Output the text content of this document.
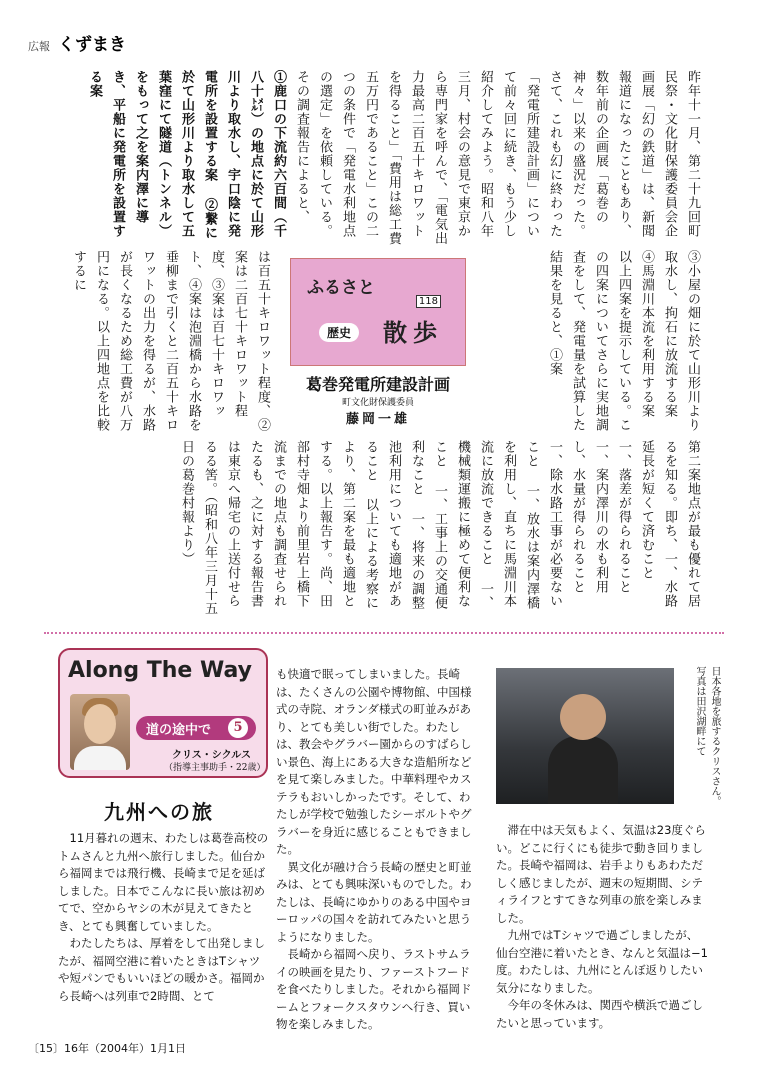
広報 くずまき

昨年十一月、第二十九回町民祭・文化財保護委員会企画展「幻の鉄道」は、新聞報道になったこともあり、数年前の企画展「葛巻の神々」以来の盛況だった。さて、これも幻に終わった「発電所建設計画」について前々回に続き、もう少し紹介してみよう。昭和八年三月、村会の意見で東京から専門家を呼んで、「電気出力最高二百五十キロワットを得ること」「費用は総工費五万円であること」この二つの条件で「発電水利地点の選定」を依頼している。その調査報告によると、

①鹿口の下流約六百間（千八十㍍）の地点に於て山形川より取水し、宇口陰に発電所を設置する案 ②繋に於て山形川より取水して五葉窪にて隧道（トンネル）をもって之を案内澤に導き、平船に発電所を設置する案

③小屋の畑に於て山形川より取水し、拘石に放流する案 ④馬淵川本流を利用する案 以上四案を提示している。この四案についてさらに実地調査をして、発電量を試算した結果を見ると、①案

は百五十キロワット程度、②案は二百七十キロワット程度、③案は百七十キロワット、④案は泡淵橋から水路を垂柳まで引くと二百五十キロワットの出力を得るが、水路が長くなるため総工費が八万円になる。以上四地点を比較するに	ふるさと
118
歴史	散歩
葛巻発電所建設計画
町文化財保護委員
藤岡一雄

第二案地点が最も優れて居るを知る。即ち、一、水路延長が短くて済むこと 一、落差が得られること 一、案内澤川の水も利用し、水量が得られること 一、除水路工事が必要ないこと 一、放水は案内澤橋を利用し、直ちに馬淵川本流に放流できること 一、機械類運搬に極めて便利なこと 一、工事上の交通便利なこと 一、将来の調整池利用についても適地があること 以上による考察により、第二案を最も適地とする。以上報告す。尚、田部村寺畑より前里岩上橋下流までの地点も調査せられたるも、之に対する報告書は東京へ帰宅の上送付せらるる筈。（昭和八年三月十五日の葛巻村報より）

Along The Way
道の途中で	5
クリス・シクルス
（指導主事助手・22歳）
九州への旅

11月暮れの週末、わたしは葛巻高校のトムさんと九州へ旅行しました。仙台から福岡までは飛行機、長崎まで足を延ばしました。日本でこんなに長い旅は初めてで、空からヤシの木が見えてきたとき、とても興奮していました。

わたしたちは、厚着をして出発しましたが、福岡空港に着いたときはTシャツや短パンでもいいほどの暖かさ。福岡から長崎へは列車で2時間、とて

も快適で眠ってしまいました。長崎は、たくさんの公園や博物館、中国様式の寺院、オランダ様式の町並みがあり、とても美しい街でした。わたしは、教会やグラバー園からのすばらしい景色、海上にある大きな造船所などを見て楽しみました。中華料理やカステラもおいしかったです。そして、わたしが学校で勉強したシーボルトやグラバーを身近に感じることもできました。

異文化が融け合う長崎の歴史と町並みは、とても興味深いものでした。わたしは、長崎にゆかりのある中国やヨーロッパの国々を訪れてみたいと思うようになりました。

長崎から福岡へ戻り、ラストサムライの映画を見たり、ファーストフードを食べたりしました。それから福岡ドームとフォークスタウンへ行き、買い物を楽しみました。

日本各地を旅するクリスさん。写真は田沢湖畔にて

滞在中は天気もよく、気温は23度ぐらい。どこに行くにも徒歩で動き回りました。長崎や福岡は、岩手よりもあわただしく感じましたが、週末の短期間、シティライフとすてきな列車の旅を楽しみました。

九州ではTシャツで過ごしましたが、仙台空港に着いたとき、なんと気温は−1度。わたしは、九州にとんぼ返りしたい気分になりました。

今年の冬休みは、関西や横浜で過ごしたいと思っています。

〔15〕16年（2004年）1月1日
